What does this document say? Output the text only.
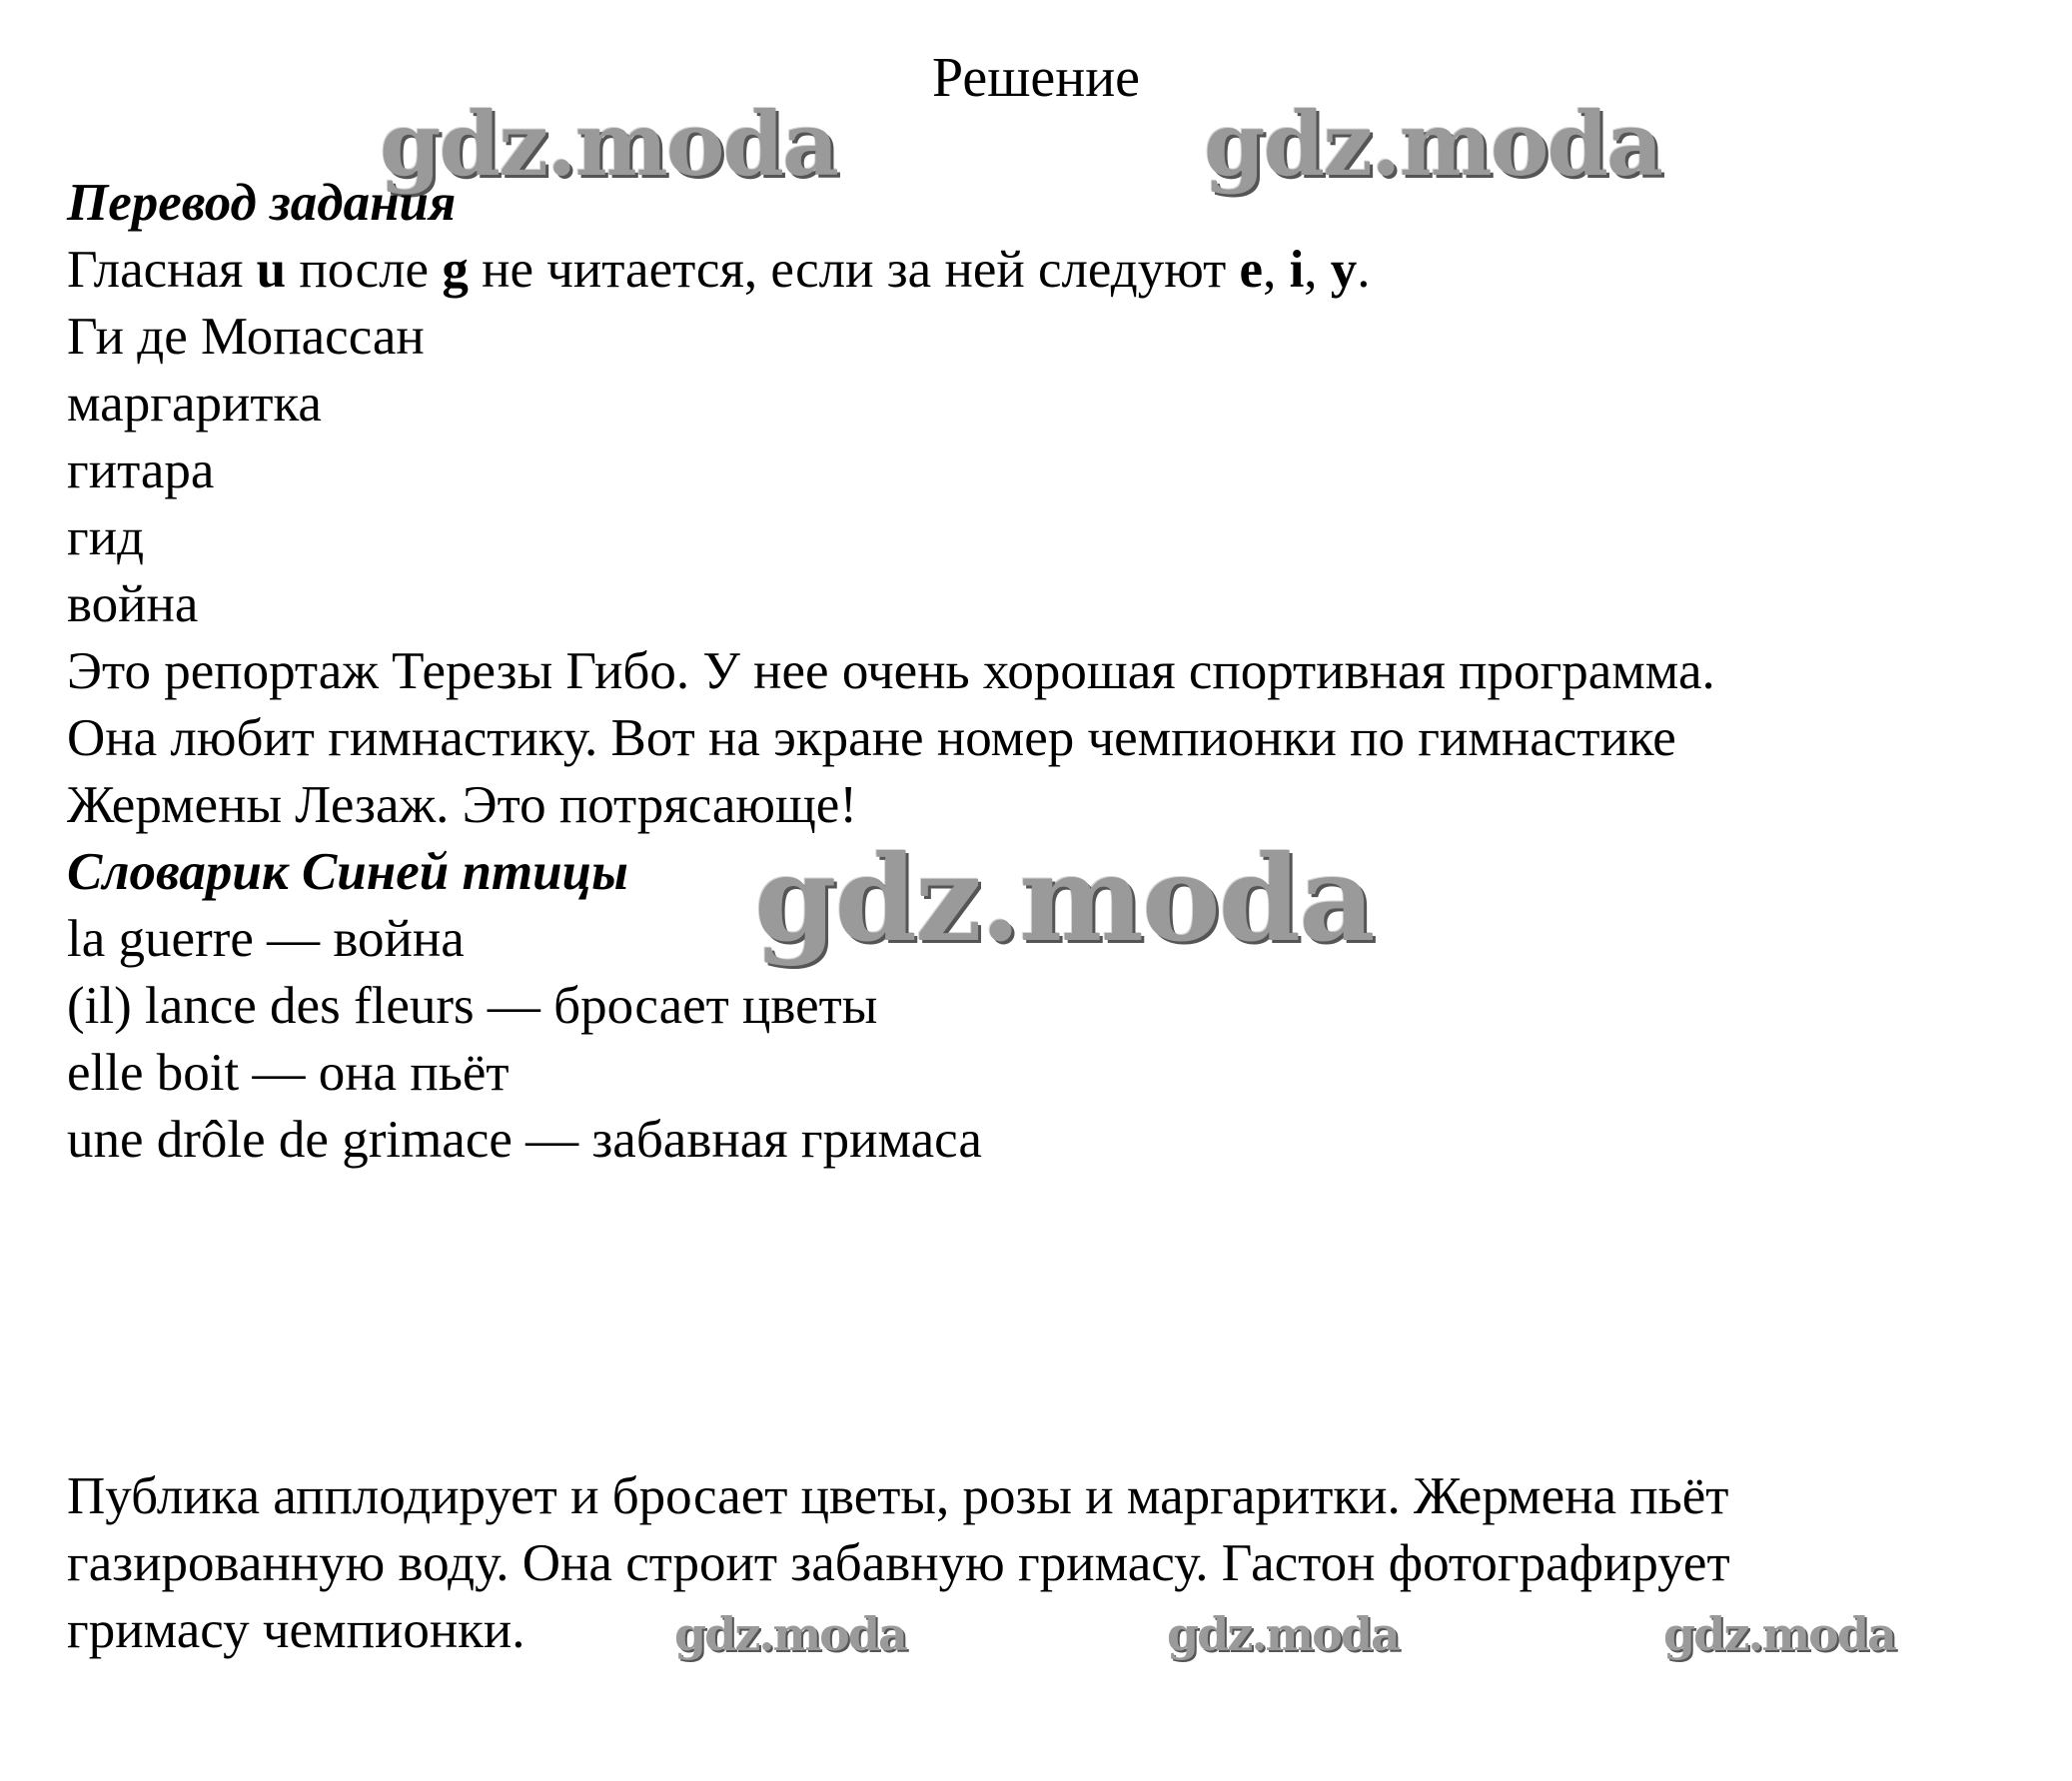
Решение
gdz.moda	gdz.moda
gdz.moda
gdz.moda	gdz.moda	gdz.moda
Перевод задания
Гласная u после g не читается, если за ней следуют e, i, y.
Ги де Мопассан
маргаритка
гитара
гид
война
Это репортаж Терезы Гибо. У нее очень хорошая спортивная программа.
Она любит гимнастику. Вот на экране номер чемпионки по гимнастике
Жермены Лезаж. Это потрясающе!
Словарик Синей птицы
la guerre — война
(il) lance des fleurs — бросает цветы
elle boit — она пьёт
une drôle de grimace — забавная гримаса
Публика апплодирует и бросает цветы, розы и маргаритки. Жермена пьёт
газированную воду. Она строит забавную гримасу. Гастон фотографирует
гримасу чемпионки.
